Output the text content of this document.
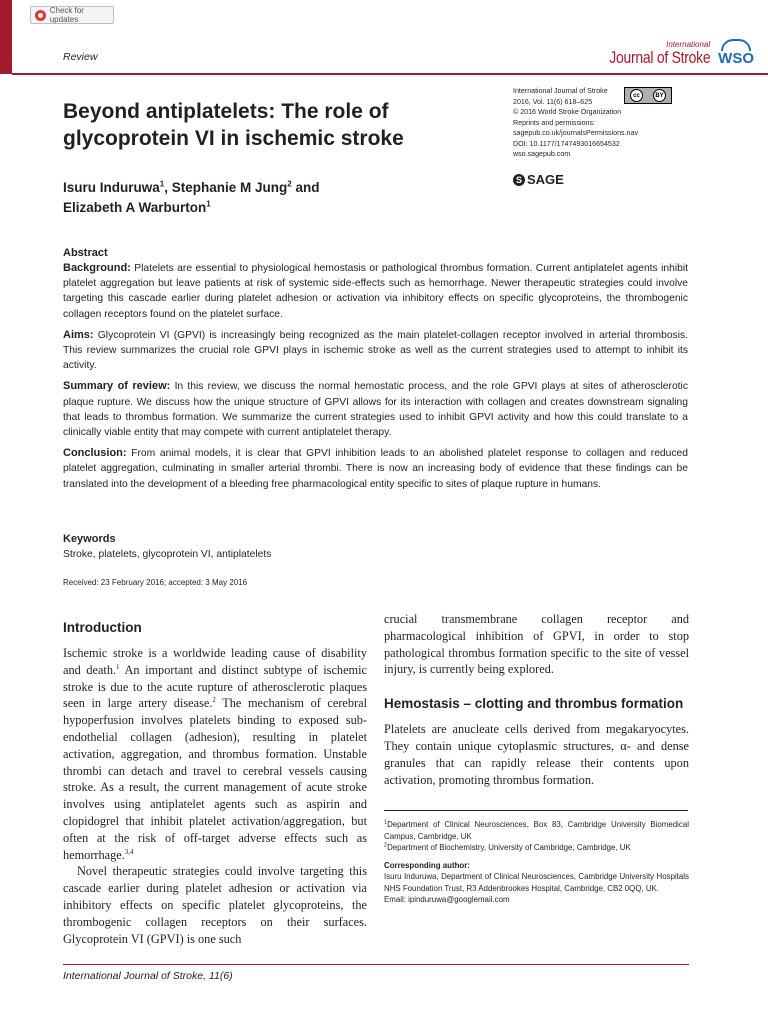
Check for updates
Review
International
Journal of Stroke WSO
Beyond antiplatelets: The role of glycoprotein VI in ischemic stroke
Isuru Induruwa$^1$, Stephanie M Jung$^2$ and
Elizabeth A Warburton$^1$
International Journal of Stroke
2016, Vol. 11(6) 618–625
© 2016 World Stroke Organization
Reprints and permissions:
sagepub.co.uk/journalsPermissions.nav
DOI: 10.1177/1747493016654532
wso.sagepub.com
cc	BY
S SAGE
Abstract

Background: Platelets are essential to physiological hemostasis or pathological thrombus formation. Current antiplatelet agents inhibit platelet aggregation but leave patients at risk of systemic side-effects such as hemorrhage. Newer therapeutic strategies could involve targeting this cascade earlier during platelet adhesion or activation via inhibitory effects on specific glycoproteins, the thrombogenic collagen receptors found on the platelet surface.

Aims: Glycoprotein VI (GPVI) is increasingly being recognized as the main platelet-collagen receptor involved in arterial thrombosis. This review summarizes the crucial role GPVI plays in ischemic stroke as well as the current strategies used to attempt to inhibit its activity.

Summary of review: In this review, we discuss the normal hemostatic process, and the role GPVI plays at sites of atherosclerotic plaque rupture. We discuss how the unique structure of GPVI allows for its interaction with collagen and creates downstream signaling that leads to thrombus formation. We summarize the current strategies used to inhibit GPVI activity and how this could translate to a clinically viable entity that may compete with current antiplatelet therapy.

Conclusion: From animal models, it is clear that GPVI inhibition leads to an abolished platelet response to collagen and reduced platelet aggregation, culminating in smaller arterial thrombi. There is now an increasing body of evidence that these findings can be translated into the development of a bleeding free pharmacological entity specific to sites of plaque rupture in humans.

Keywords
Stroke, platelets, glycoprotein VI, antiplatelets
Received: 23 February 2016; accepted: 3 May 2016
Introduction

Ischemic stroke is a worldwide leading cause of disability and death.$^1$ An important and distinct subtype of ischemic stroke is due to the acute rupture of atherosclerotic plaques seen in large artery disease.$^2$ The mechanism of cerebral hypoperfusion involves platelets binding to exposed sub-endothelial collagen (adhesion), resulting in platelet activation, aggregation, and thrombus formation. Unstable thrombi can detach and travel to cerebral vessels causing stroke. As a result, the current management of acute stroke involves using antiplatelet agents such as aspirin and clopidogrel that inhibit platelet activation/aggregation, but often at the risk of off-target adverse effects such as hemorrhage.$^{3,4}$

Novel therapeutic strategies could involve targeting this cascade earlier during platelet adhesion or activation via inhibitory effects on specific platelet glycoproteins, the thrombogenic collagen receptors on their surfaces. Glycoprotein VI (GPVI) is one such

crucial transmembrane collagen receptor and pharmacological inhibition of GPVI, in order to stop pathological thrombus formation specific to the site of vessel injury, is currently being explored.

Hemostasis – clotting and thrombus formation

Platelets are anucleate cells derived from megakaryocytes. They contain unique cytoplasmic structures, α- and dense granules that can rapidly release their contents upon activation, promoting thrombus formation.

$^1$Department of Clinical Neurosciences, Box 83, Cambridge University Biomedical Campus, Cambridge, UK
$^2$Department of Biochemistry, University of Cambridge, Cambridge, UK
Corresponding author:
Isuru Induruwa, Department of Clinical Neurosciences, Cambridge University Hospitals NHS Foundation Trust, R3 Addenbrookes Hospital, Cambridge, CB2 0QQ, UK.
Email: ipinduruwa@googlemail.com
International Journal of Stroke, 11(6)
